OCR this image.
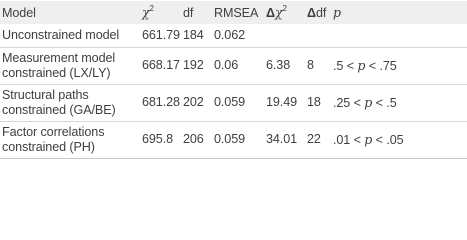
Model	$\chi^2$	df	RMSEA	$\Delta\chi^2$	Δdf	p
Unconstrained model	661.79	184	0.062			

Measurement model
constrained (LX/LY)	668.17	192	0.06	6.38	8	.5 < p < .75

Structural paths
constrained (GA/BE)	681.28	202	0.059	19.49	18	.25 < p < .5

Factor correlations
constrained (PH)	695.8	206	0.059	34.01	22	.01 < p < .05
